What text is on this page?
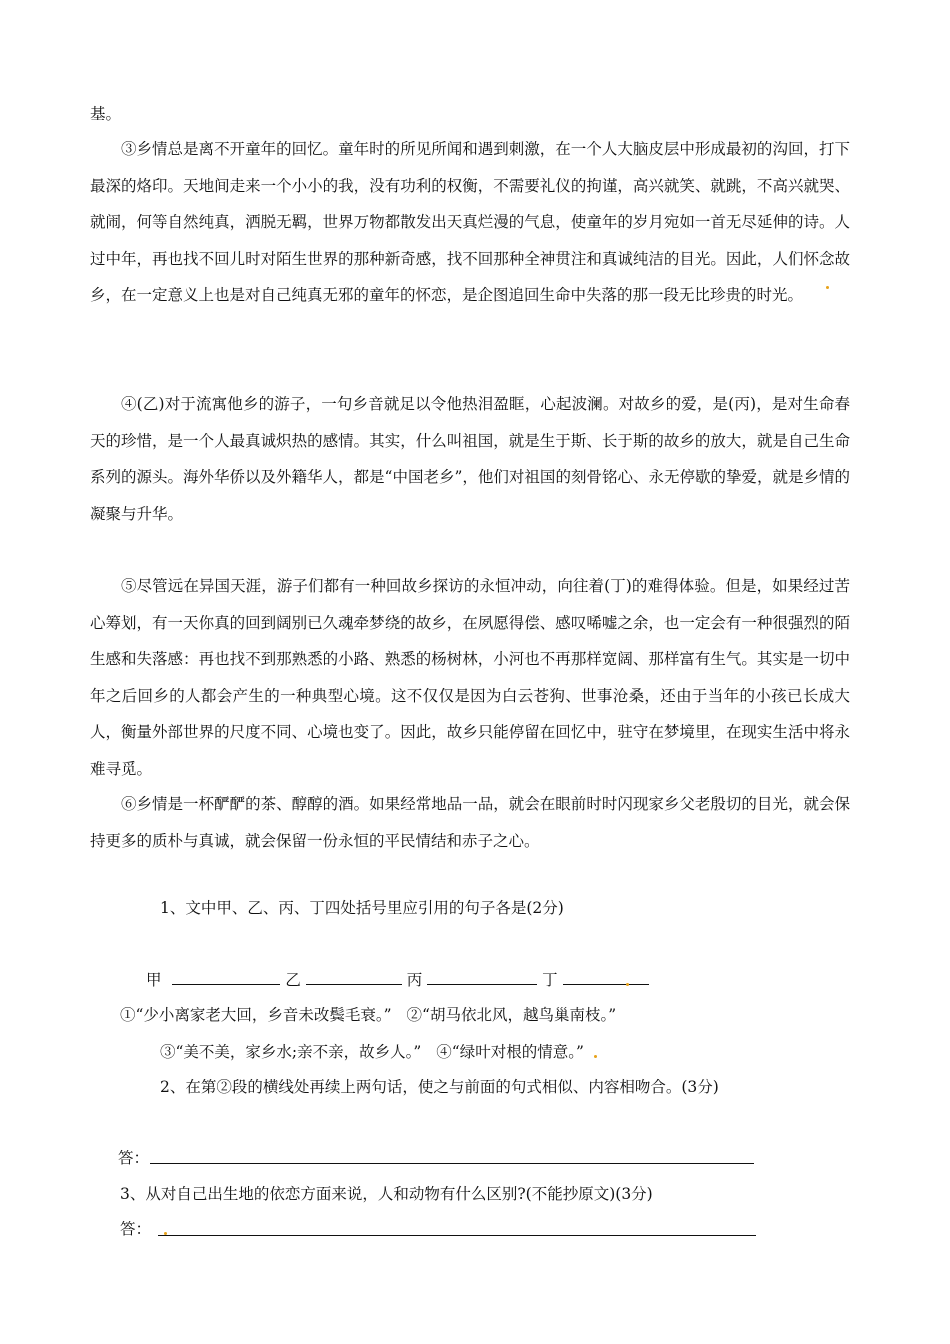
基。

③乡情总是离不开童年的回忆。童年时的所见所闻和遇到刺激，在一个人大脑皮层中形成最初的沟回，打下最深的烙印。天地间走来一个小小的我，没有功利的权衡，不需要礼仪的拘谨，高兴就笑、就跳，不高兴就哭、就闹，何等自然纯真，洒脱无羁，世界万物都散发出天真烂漫的气息，使童年的岁月宛如一首无尽延伸的诗。人过中年，再也找不回儿时对陌生世界的那种新奇感，找不回那种全神贯注和真诚纯洁的目光。因此，人们怀念故乡，在一定意义上也是对自己纯真无邪的童年的怀恋，是企图追回生命中失落的那一段无比珍贵的时光。

④(乙)对于流寓他乡的游子，一句乡音就足以令他热泪盈眶，心起波澜。对故乡的爱，是(丙)，是对生命春天的珍惜，是一个人最真诚炽热的感情。其实，什么叫祖国，就是生于斯、长于斯的故乡的放大，就是自己生命系列的源头。海外华侨以及外籍华人，都是“中国老乡”，他们对祖国的刻骨铭心、永无停歇的挚爱，就是乡情的凝聚与升华。

⑤尽管远在异国天涯，游子们都有一种回故乡探访的永恒冲动，向往着(丁)的难得体验。但是，如果经过苦心筹划，有一天你真的回到阔别已久魂牵梦绕的故乡，在夙愿得偿、感叹唏嘘之余，也一定会有一种很强烈的陌生感和失落感：再也找不到那熟悉的小路、熟悉的杨树林，小河也不再那样宽阔、那样富有生气。其实是一切中年之后回乡的人都会产生的一种典型心境。这不仅仅是因为白云苍狗、世事沧桑，还由于当年的小孩已长成大人，衡量外部世界的尺度不同、心境也变了。因此，故乡只能停留在回忆中，驻守在梦境里，在现实生活中将永难寻觅。

⑥乡情是一杯酽酽的茶、醇醇的酒。如果经常地品一品，就会在眼前时时闪现家乡父老殷切的目光，就会保持更多的质朴与真诚，就会保留一份永恒的平民情结和赤子之心。

1、文中甲、乙、丙、丁四处括号里应引用的句子各是(2分)

甲	乙	丙	丁
①“少小离家老大回，乡音未改鬓毛衰。” ②“胡马依北风，越鸟巢南枝。”
③“美不美，家乡水;亲不亲，故乡人。” ④“绿叶对根的情意。”

2、在第②段的横线处再续上两句话，使之与前面的句式相似、内容相吻合。(3分)

答：

3、从对自己出生地的依恋方面来说，人和动物有什么区别?(不能抄原文)(3分)

答：
